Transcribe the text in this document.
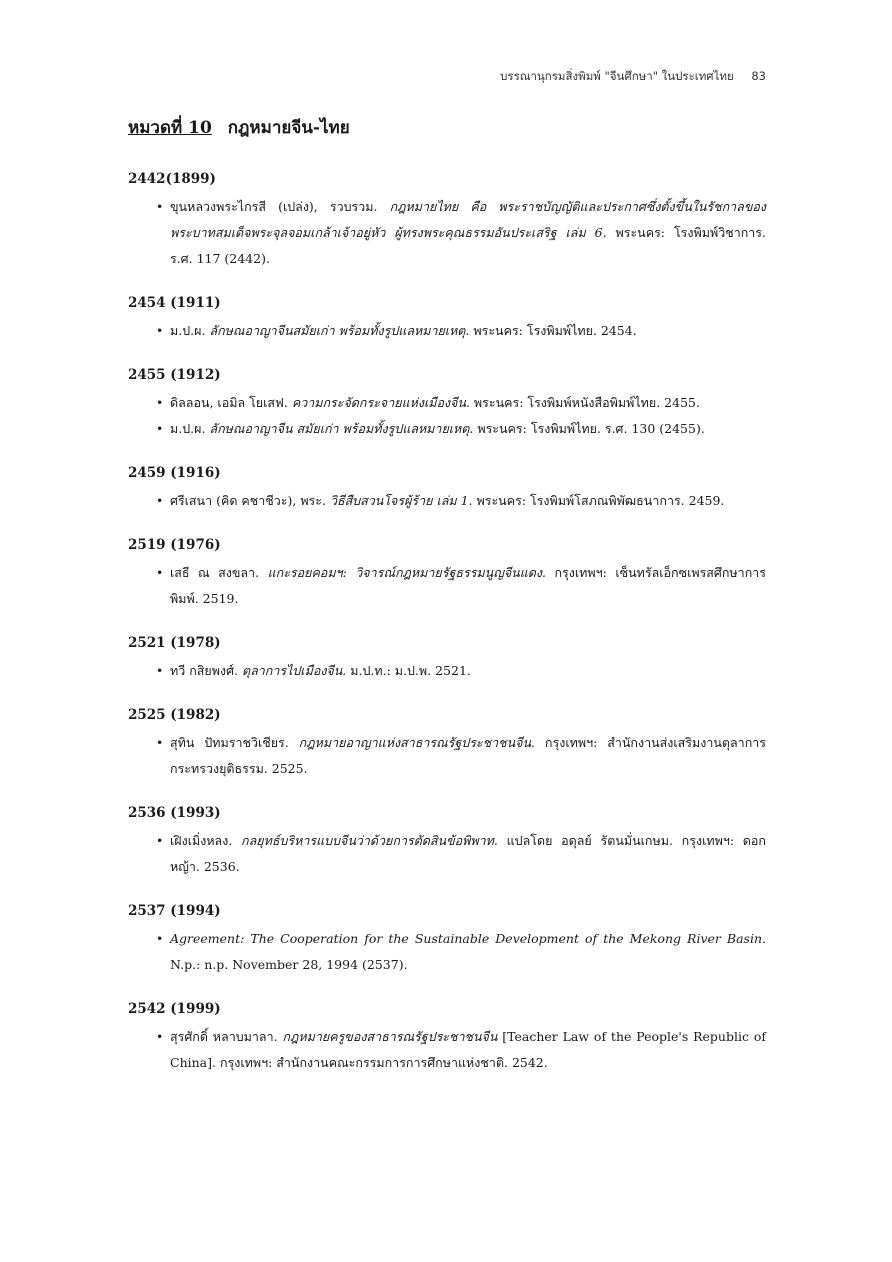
บรรณานุกรมสิ่งพิมพ์ "จีนศึกษา" ในประเทศไทย 83
หมวดที่ 10 กฎหมายจีน-ไทย
2442(1899)
• ขุนหลวงพระไกรสี (เปล่ง), รวบรวม. กฎหมายไทย คือ พระราชบัญญัติและประกาศซึ่งตั้งขึ้นในรัชกาลของพระบาทสมเด็จพระจุลจอมเกล้าเจ้าอยู่หัว ผู้ทรงพระคุณธรรมอันประเสริฐ เล่ม 6. พระนคร: โรงพิมพ์วิชาการ. ร.ศ. 117 (2442).
2454 (1911)
• ม.ป.ผ. ลักษณอาญาจีนสมัยเก่า พร้อมทั้งรูปแลหมายเหตุ. พระนคร: โรงพิมพ์ไทย. 2454.
2455 (1912)
• ดิลลอน, เอมิล โยเสฟ. ความกระจัดกระจายแห่งเมืองจีน. พระนคร: โรงพิมพ์หนังสือพิมพ์ไทย. 2455.
• ม.ป.ผ. ลักษณอาญาจีน สมัยเก่า พร้อมทั้งรูปแลหมายเหตุ. พระนคร: โรงพิมพ์ไทย. ร.ศ. 130 (2455).
2459 (1916)
• ศรีเสนา (คิด คชาชีวะ), พระ. วิธีสืบสวนโจรผู้ร้าย เล่ม 1. พระนคร: โรงพิมพ์โสภณพิพัฒธนาการ. 2459.
2519 (1976)
• เสธี ณ สงขลา. แกะรอยคอมฯ: วิจารณ์กฎหมายรัฐธรรมนูญจีนแดง. กรุงเทพฯ: เซ็นทรัลเอ็กซเพรสศึกษาการพิมพ์. 2519.
2521 (1978)
• ทวี กสิยพงศ์. ตุลาการไปเมืองจีน. ม.ป.ท.: ม.ป.พ. 2521.
2525 (1982)
• สุทิน ปัทมราชวิเชียร. กฎหมายอาญาแห่งสาธารณรัฐประชาชนจีน. กรุงเทพฯ: สำนักงานส่งเสริมงานตุลาการ กระทรวงยุติธรรม. 2525.
2536 (1993)
• เฝิงเมิ่งหลง. กลยุทธ์บริหารแบบจีนว่าด้วยการตัดสินข้อพิพาท. แปลโดย อดุลย์ รัตนมั่นเกษม. กรุงเทพฯ: ดอกหญ้า. 2536.
2537 (1994)
• Agreement: The Cooperation for the Sustainable Development of the Mekong River Basin. N.p.: n.p. November 28, 1994 (2537).
2542 (1999)
• สุรศักดิ์ หลาบมาลา. กฎหมายครูของสาธารณรัฐประชาชนจีน [Teacher Law of the People's Republic of China]. กรุงเทพฯ: สำนักงานคณะกรรมการการศึกษาแห่งชาติ. 2542.
